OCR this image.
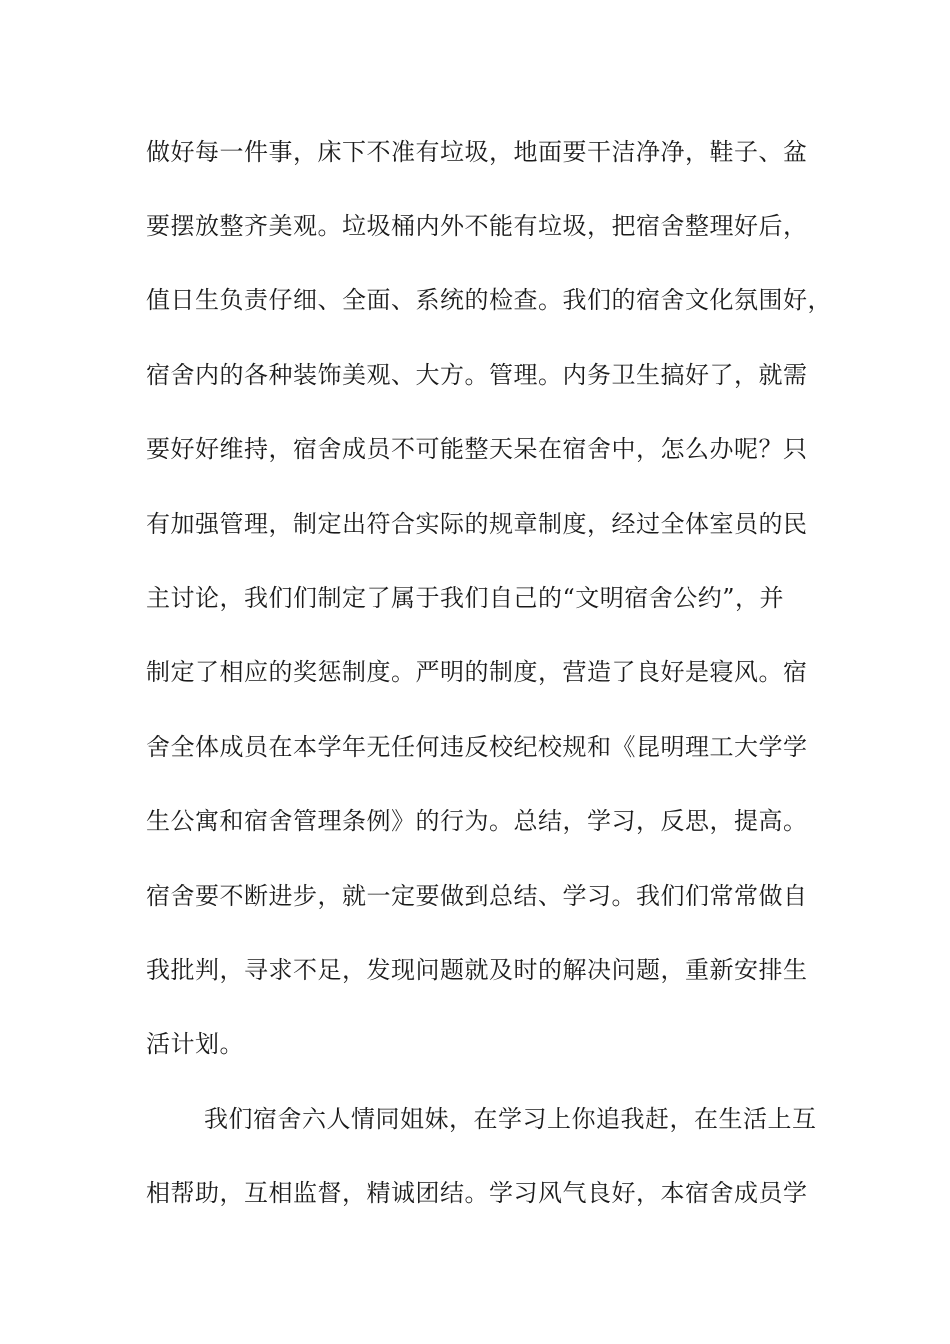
做好每一件事，床下不准有垃圾，地面要干洁净净，鞋子、盆
要摆放整齐美观。垃圾桶内外不能有垃圾，把宿舍整理好后，
值日生负责仔细、全面、系统的检查。我们的宿舍文化氛围好，
宿舍内的各种装饰美观、大方。管理。内务卫生搞好了，就需
要好好维持，宿舍成员不可能整天呆在宿舍中，怎么办呢？只
有加强管理，制定出符合实际的规章制度，经过全体室员的民
主讨论，我们们制定了属于我们自己的“文明宿舍公约”，并
制定了相应的奖惩制度。严明的制度，营造了良好是寝风。宿
舍全体成员在本学年无任何违反校纪校规和《昆明理工大学学
生公寓和宿舍管理条例》的行为。总结，学习，反思，提高。
宿舍要不断进步，就一定要做到总结、学习。我们们常常做自
我批判，寻求不足，发现问题就及时的解决问题，重新安排生
活计划。
我们宿舍六人情同姐妹，在学习上你追我赶，在生活上互
相帮助，互相监督，精诚团结。学习风气良好，本宿舍成员学
